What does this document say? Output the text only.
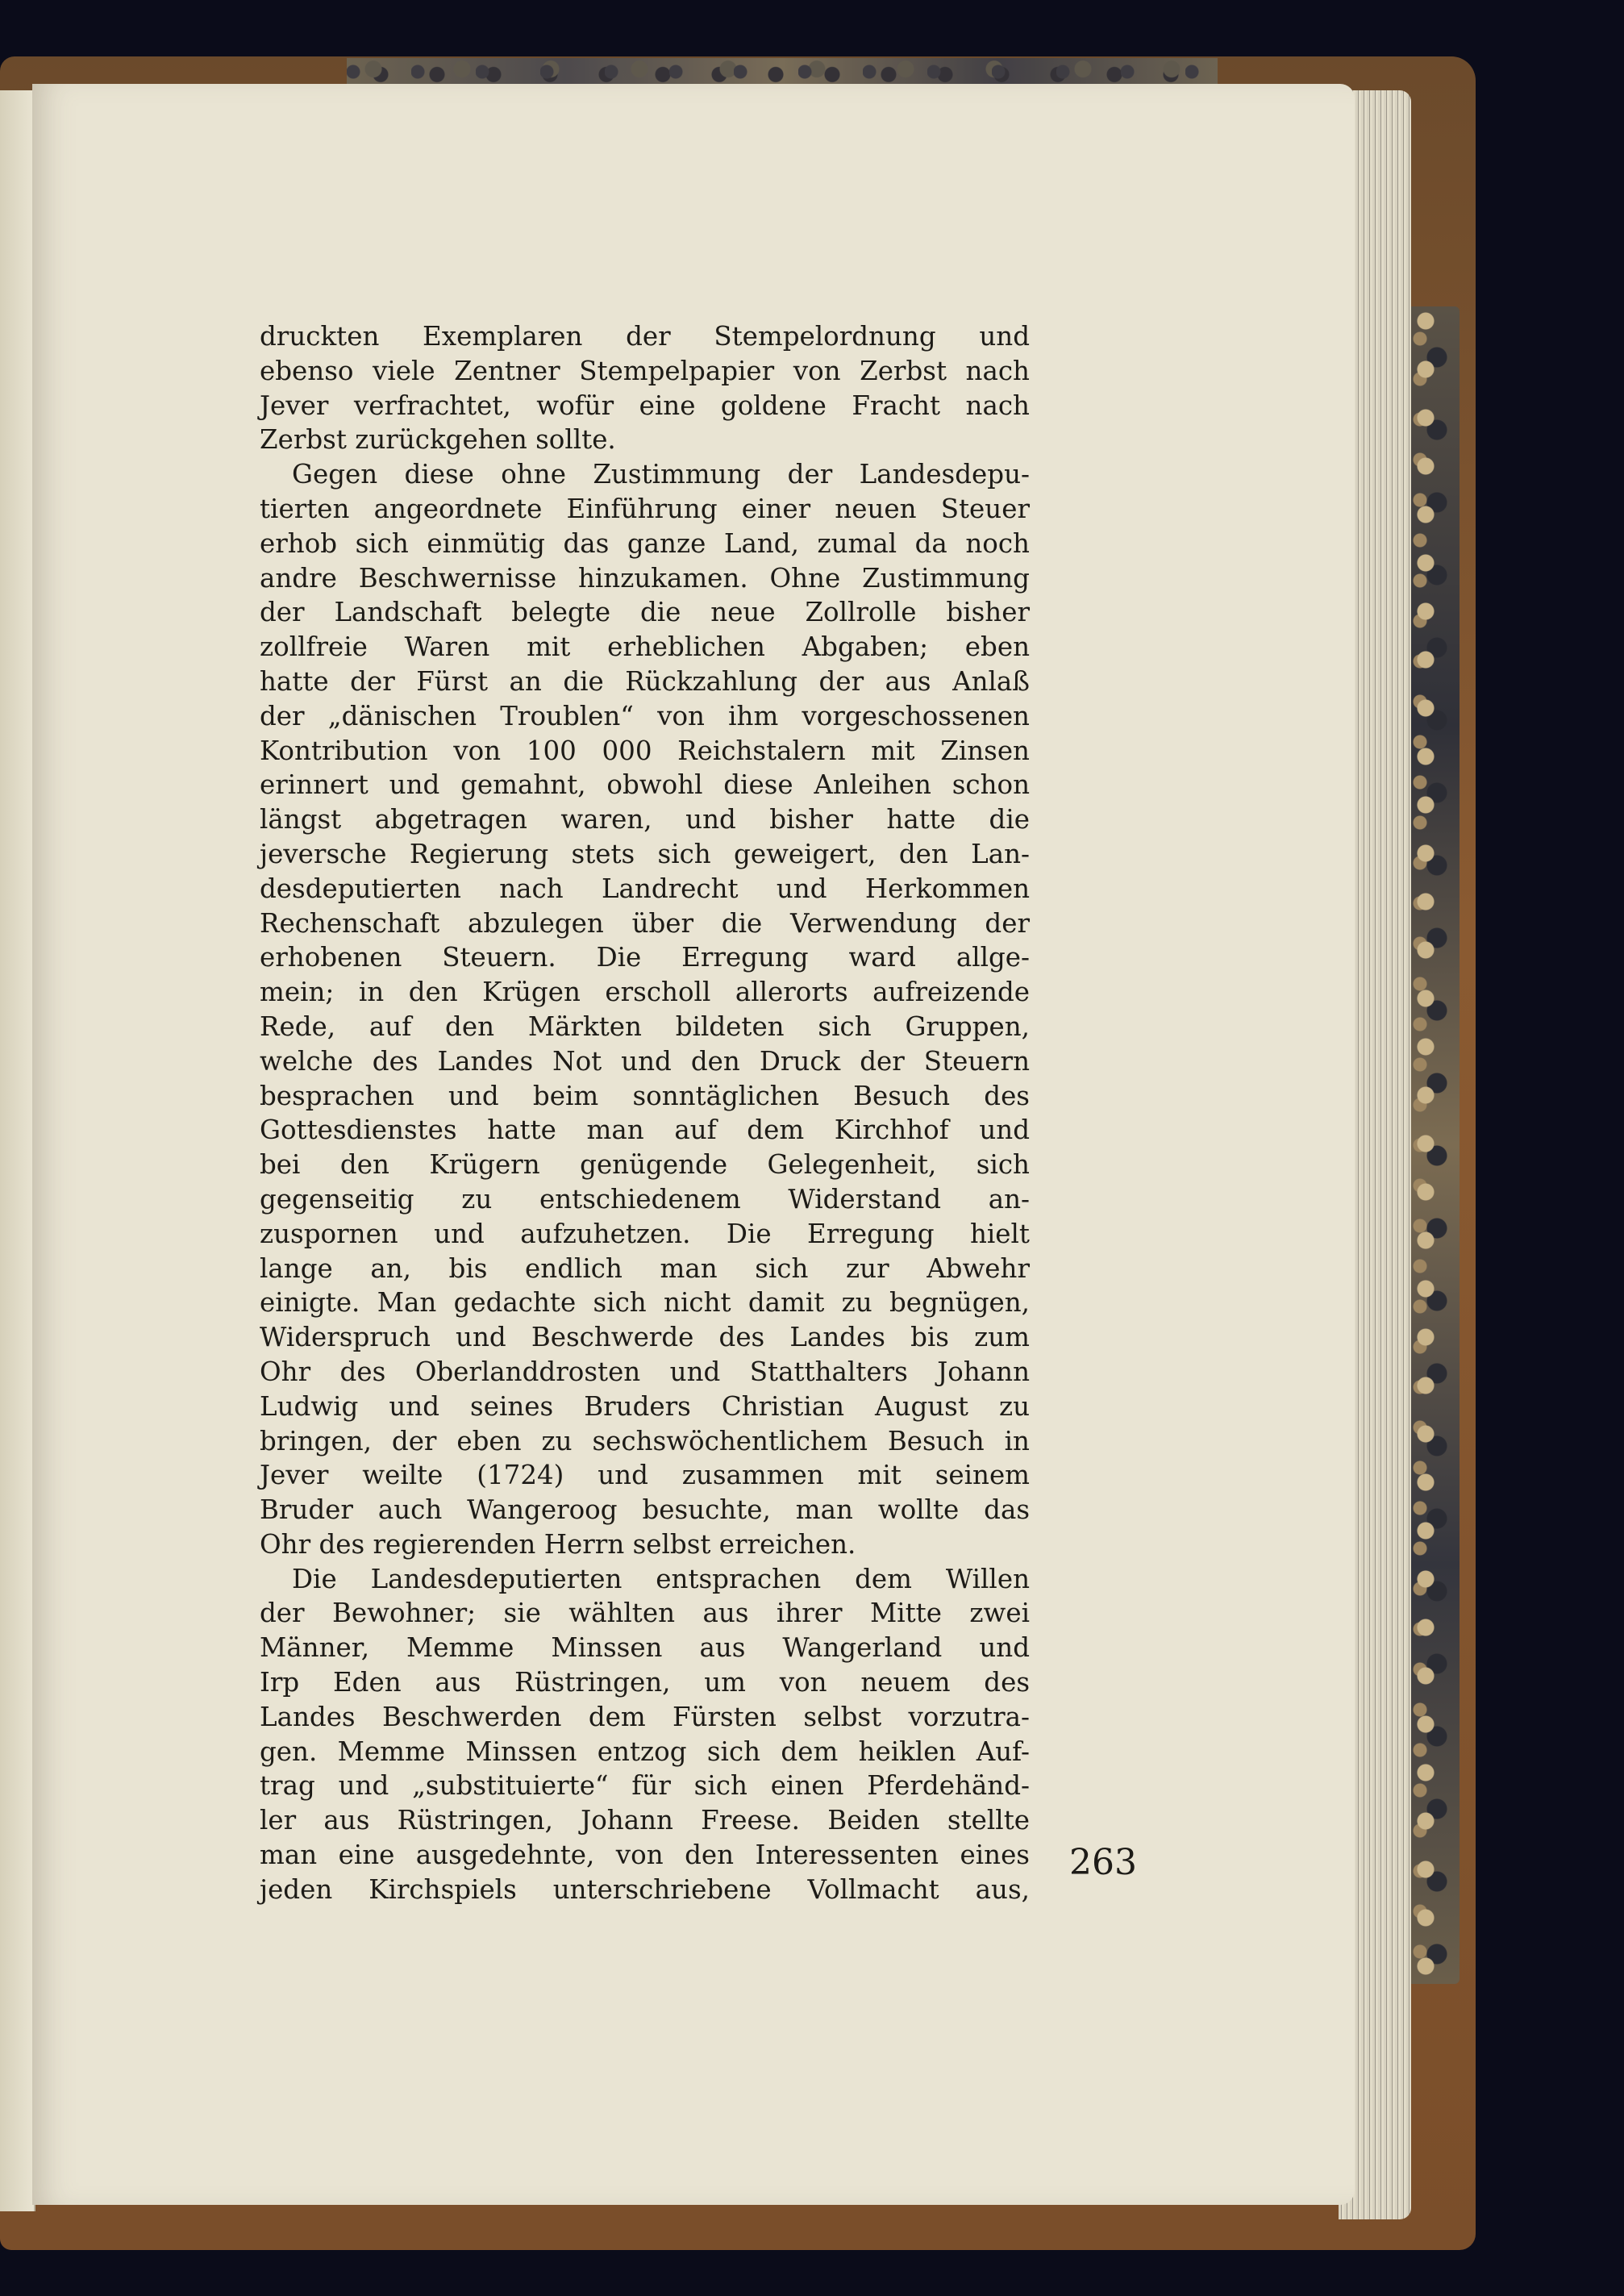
druckten Exemplaren der Stempelordnung und
ebenso viele Zentner Stempelpapier von Zerbst nach
Jever verfrachtet, wofür eine goldene Fracht nach
Zerbst zurückgehen sollte.
Gegen diese ohne Zustimmung der Landesdepu-
tierten angeordnete Einführung einer neuen Steuer
erhob sich einmütig das ganze Land, zumal da noch
andre Beschwernisse hinzukamen. Ohne Zustimmung
der Landschaft belegte die neue Zollrolle bisher
zollfreie Waren mit erheblichen Abgaben; eben
hatte der Fürst an die Rückzahlung der aus Anlaß
der „dänischen Troublen“ von ihm vorgeschossenen
Kontribution von 100 000 Reichstalern mit Zinsen
erinnert und gemahnt, obwohl diese Anleihen schon
längst abgetragen waren, und bisher hatte die
jeversche Regierung stets sich geweigert, den Lan-
desdeputierten nach Landrecht und Herkommen
Rechenschaft abzulegen über die Verwendung der
erhobenen Steuern. Die Erregung ward allge-
mein; in den Krügen erscholl allerorts aufreizende
Rede, auf den Märkten bildeten sich Gruppen,
welche des Landes Not und den Druck der Steuern
besprachen und beim sonntäglichen Besuch des
Gottesdienstes hatte man auf dem Kirchhof und
bei den Krügern genügende Gelegenheit, sich
gegenseitig zu entschiedenem Widerstand an-
zuspornen und aufzuhetzen. Die Erregung hielt
lange an, bis endlich man sich zur Abwehr
einigte. Man gedachte sich nicht damit zu begnügen,
Widerspruch und Beschwerde des Landes bis zum
Ohr des Oberlanddrosten und Statthalters Johann
Ludwig und seines Bruders Christian August zu
bringen, der eben zu sechswöchentlichem Besuch in
Jever weilte (1724) und zusammen mit seinem
Bruder auch Wangeroog besuchte, man wollte das
Ohr des regierenden Herrn selbst erreichen.
Die Landesdeputierten entsprachen dem Willen
der Bewohner; sie wählten aus ihrer Mitte zwei
Männer, Memme Minssen aus Wangerland und
Irp Eden aus Rüstringen, um von neuem des
Landes Beschwerden dem Fürsten selbst vorzutra-
gen. Memme Minssen entzog sich dem heiklen Auf-
trag und „substituierte“ für sich einen Pferdehänd-
ler aus Rüstringen, Johann Freese. Beiden stellte
man eine ausgedehnte, von den Interessenten eines
jeden Kirchspiels unterschriebene Vollmacht aus,
263
